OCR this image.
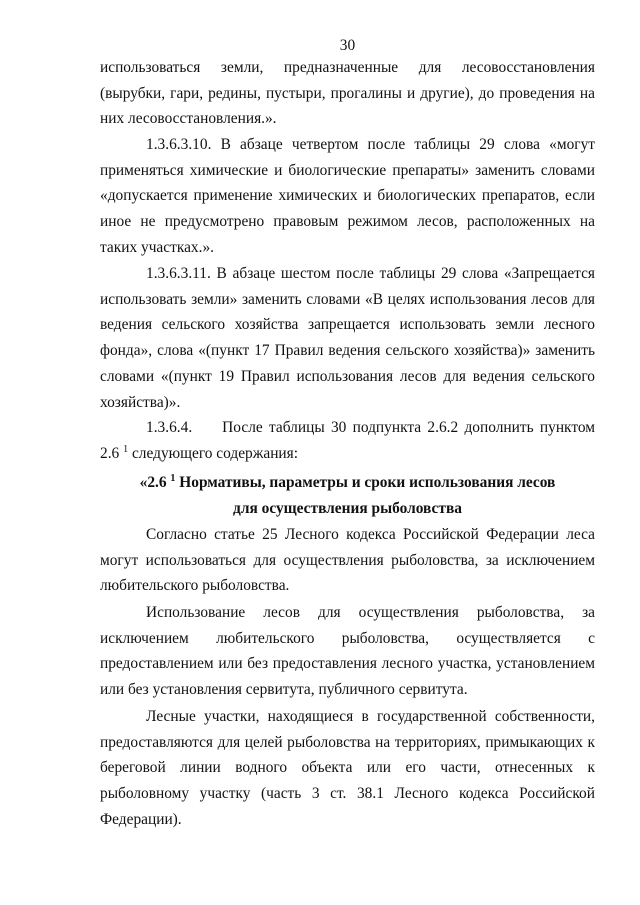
30

использоваться земли, предназначенные для лесовосстановления (вырубки, гари, редины, пустыри, прогалины и другие), до проведения на них лесовосстановления.».

1.3.6.3.10. В абзаце четвертом после таблицы 29 слова «могут применяться химические и биологические препараты» заменить словами «допускается применение химических и биологических препаратов, если иное не предусмотрено правовым режимом лесов, расположенных на таких участках.».

1.3.6.3.11. В абзаце шестом после таблицы 29 слова «Запрещается использовать земли» заменить словами «В целях использования лесов для ведения сельского хозяйства запрещается использовать земли лесного фонда», слова «(пункт 17 Правил ведения сельского хозяйства)» заменить словами «(пункт 19 Правил использования лесов для ведения сельского хозяйства)».

1.3.6.4. После таблицы 30 подпункта 2.6.2 дополнить пунктом 2.6 $^1$ следующего содержания:

«2.6 $^1$ Нормативы, параметры и сроки использования лесов

для осуществления рыболовства

Согласно статье 25 Лесного кодекса Российской Федерации леса могут использоваться для осуществления рыболовства, за исключением любительского рыболовства.

Использование лесов для осуществления рыболовства, за исключением любительского рыболовства, осуществляется с предоставлением или без предоставления лесного участка, установлением или без установления сервитута, публичного сервитута.

Лесные участки, находящиеся в государственной собственности, предоставляются для целей рыболовства на территориях, примыкающих к береговой линии водного объекта или его части, отнесенных к рыболовному участку (часть 3 ст. 38.1 Лесного кодекса Российской Федерации).
